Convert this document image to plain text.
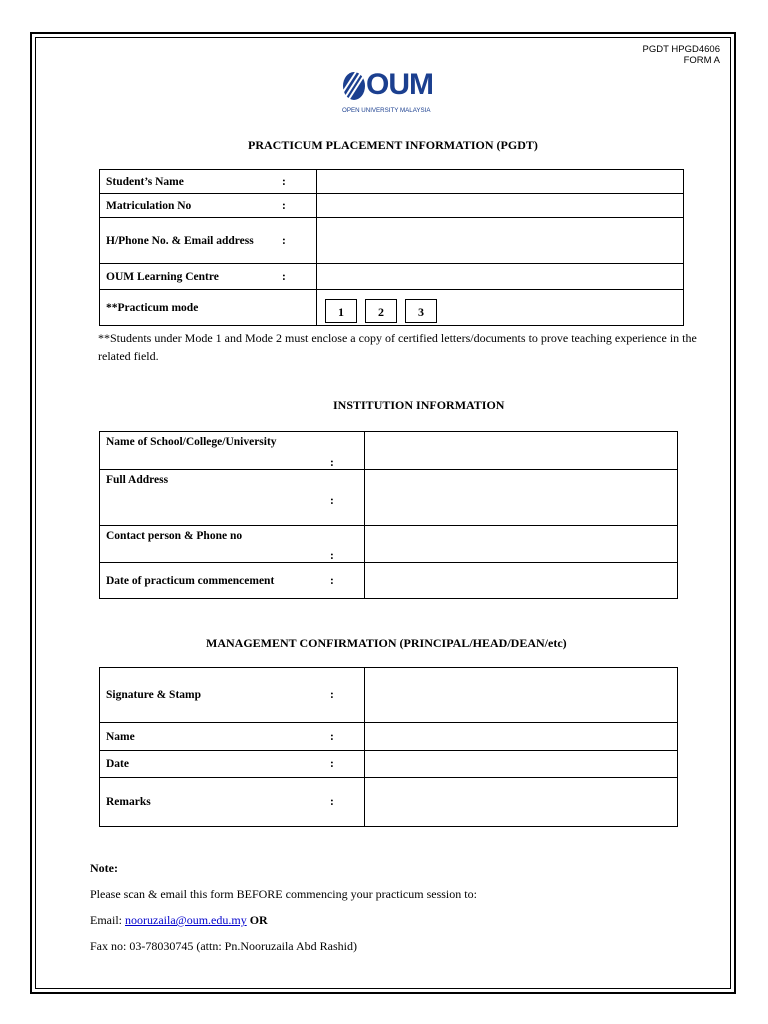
PGDT HPGD4606
FORM A
OUM
OPEN UNIVERSITY MALAYSIA
PRACTICUM PLACEMENT INFORMATION (PGDT)
Student’s Name	:	
Matriculation No	:	
H/Phone No. & Email address	:	
OUM Learning Centre	:	
**Practicum mode		1 2 3
**Students under Mode 1 and Mode 2 must enclose a copy of certified letters/documents to prove teaching experience in the related field.
INSTITUTION INFORMATION
Name of School/College/University	:	
Full Address	:	
Contact person & Phone no	:	
Date of practicum commencement	:	
MANAGEMENT CONFIRMATION (PRINCIPAL/HEAD/DEAN/etc)
Signature & Stamp	:	
Name	:	
Date	:	
Remarks	:	
Note:
Please scan & email this form BEFORE commencing your practicum session to:
Email: nooruzaila@oum.edu.my OR
Fax no: 03-78030745 (attn: Pn.Nooruzaila Abd Rashid)
